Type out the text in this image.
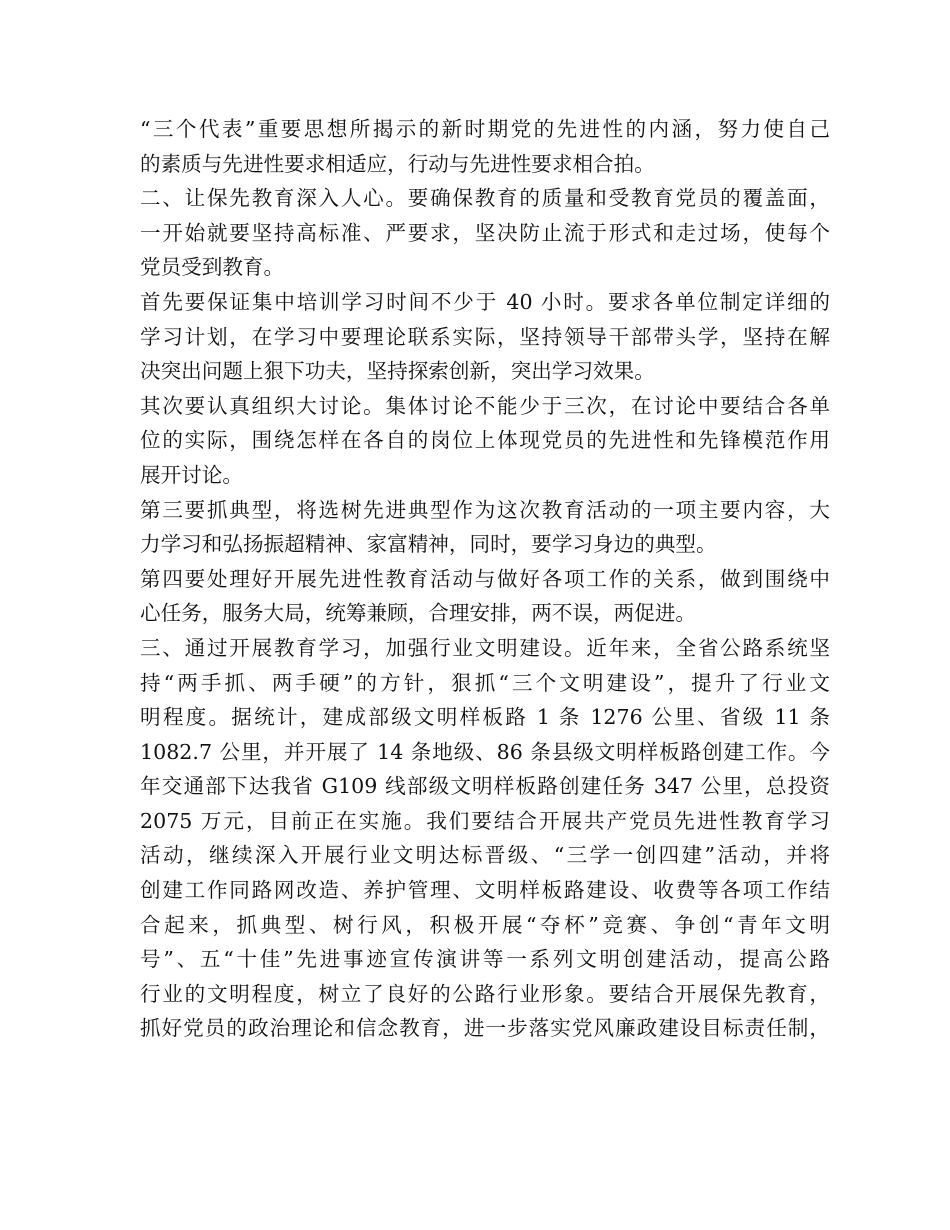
“三个代表”重要思想所揭示的新时期党的先进性的内涵，努力使自己
的素质与先进性要求相适应，行动与先进性要求相合拍。
二、让保先教育深入人心。要确保教育的质量和受教育党员的覆盖面，
一开始就要坚持高标准、严要求，坚决防止流于形式和走过场，使每个
党员受到教育。
首先要保证集中培训学习时间不少于 40 小时。要求各单位制定详细的
学习计划，在学习中要理论联系实际，坚持领导干部带头学，坚持在解
决突出问题上狠下功夫，坚持探索创新，突出学习效果。
其次要认真组织大讨论。集体讨论不能少于三次，在讨论中要结合各单
位的实际，围绕怎样在各自的岗位上体现党员的先进性和先锋模范作用
展开讨论。
第三要抓典型，将选树先进典型作为这次教育活动的一项主要内容，大
力学习和弘扬振超精神、家富精神，同时，要学习身边的典型。
第四要处理好开展先进性教育活动与做好各项工作的关系，做到围绕中
心任务，服务大局，统筹兼顾，合理安排，两不误，两促进。
三、通过开展教育学习，加强行业文明建设。近年来，全省公路系统坚
持“两手抓、两手硬”的方针，狠抓“三个文明建设”，提升了行业文
明程度。据统计，建成部级文明样板路 1 条 1276 公里、省级 11 条
1082.7 公里，并开展了 14 条地级、86 条县级文明样板路创建工作。今
年交通部下达我省 G109 线部级文明样板路创建任务 347 公里，总投资
2075 万元，目前正在实施。我们要结合开展共产党员先进性教育学习
活动，继续深入开展行业文明达标晋级、“三学一创四建”活动，并将
创建工作同路网改造、养护管理、文明样板路建设、收费等各项工作结
合起来，抓典型、树行风，积极开展“夺杯”竞赛、争创“青年文明
号”、五“十佳”先进事迹宣传演讲等一系列文明创建活动，提高公路
行业的文明程度，树立了良好的公路行业形象。要结合开展保先教育，
抓好党员的政治理论和信念教育，进一步落实党风廉政建设目标责任制，
